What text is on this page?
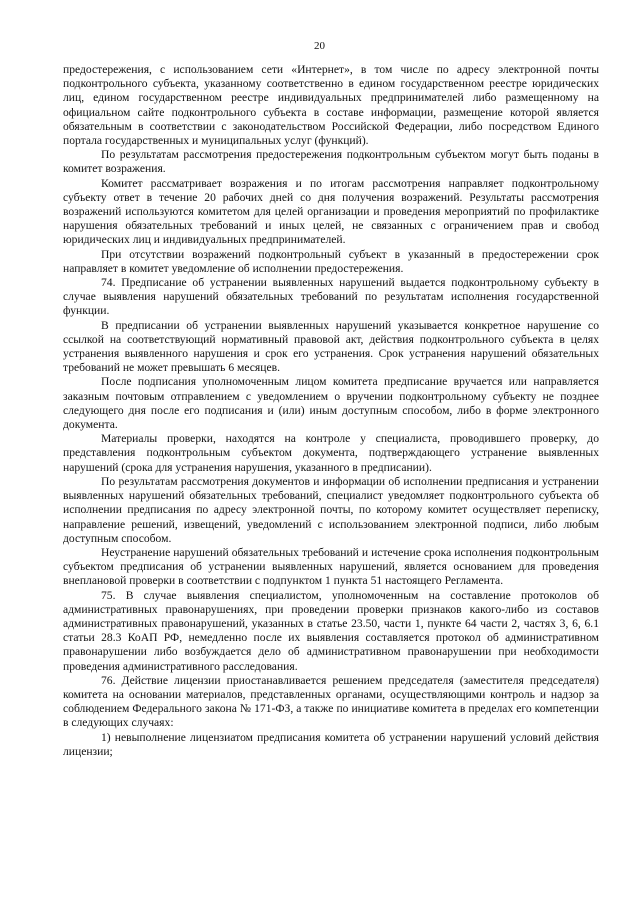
20

предостережения, с использованием сети «Интернет», в том числе по адресу электронной почты подконтрольного субъекта, указанному соответственно в едином государственном реестре юридических лиц, едином государственном реестре индивидуальных предпринимателей либо размещенному на официальном сайте подконтрольного субъекта в составе информации, размещение которой является обязательным в соответствии с законодательством Российской Федерации, либо посредством Единого портала государственных и муниципальных услуг (функций).

По результатам рассмотрения предостережения подконтрольным субъектом могут быть поданы в комитет возражения.

Комитет рассматривает возражения и по итогам рассмотрения направляет подконтрольному субъекту ответ в течение 20 рабочих дней со дня получения возражений. Результаты рассмотрения возражений используются комитетом для целей организации и проведения мероприятий по профилактике нарушения обязательных требований и иных целей, не связанных с ограничением прав и свобод юридических лиц и индивидуальных предпринимателей.

При отсутствии возражений подконтрольный субъект в указанный в предостережении срок направляет в комитет уведомление об исполнении предостережения.

74. Предписание об устранении выявленных нарушений выдается подконтрольному субъекту в случае выявления нарушений обязательных требований по результатам исполнения государственной функции.

В предписании об устранении выявленных нарушений указывается конкретное нарушение со ссылкой на соответствующий нормативный правовой акт, действия подконтрольного субъекта в целях устранения выявленного нарушения и срок его устранения. Срок устранения нарушений обязательных требований не может превышать 6 месяцев.

После подписания уполномоченным лицом комитета предписание вручается или направляется заказным почтовым отправлением с уведомлением о вручении подконтрольному субъекту не позднее следующего дня после его подписания и (или) иным доступным способом, либо в форме электронного документа.

Материалы проверки, находятся на контроле у специалиста, проводившего проверку, до представления подконтрольным субъектом документа, подтверждающего устранение выявленных нарушений (срока для устранения нарушения, указанного в предписании).

По результатам рассмотрения документов и информации об исполнении предписания и устранении выявленных нарушений обязательных требований, специалист уведомляет подконтрольного субъекта об исполнении предписания по адресу электронной почты, по которому комитет осуществляет переписку, направление решений, извещений, уведомлений с использованием электронной подписи, либо любым доступным способом.

Неустранение нарушений обязательных требований и истечение срока исполнения подконтрольным субъектом предписания об устранении выявленных нарушений, является основанием для проведения внеплановой проверки в соответствии с подпунктом 1 пункта 51 настоящего Регламента.

75. В случае выявления специалистом, уполномоченным на составление протоколов об административных правонарушениях, при проведении проверки признаков какого-либо из составов административных правонарушений, указанных в статье 23.50, части 1, пункте 64 части 2, частях 3, 6, 6.1 статьи 28.3 КоАП РФ, немедленно после их выявления составляется протокол об административном правонарушении либо возбуждается дело об административном правонарушении при необходимости проведения административного расследования.

76. Действие лицензии приостанавливается решением председателя (заместителя председателя) комитета на основании материалов, представленных органами, осуществляющими контроль и надзор за соблюдением Федерального закона № 171-ФЗ, а также по инициативе комитета в пределах его компетенции в следующих случаях:

1) невыполнение лицензиатом предписания комитета об устранении нарушений условий действия лицензии;
